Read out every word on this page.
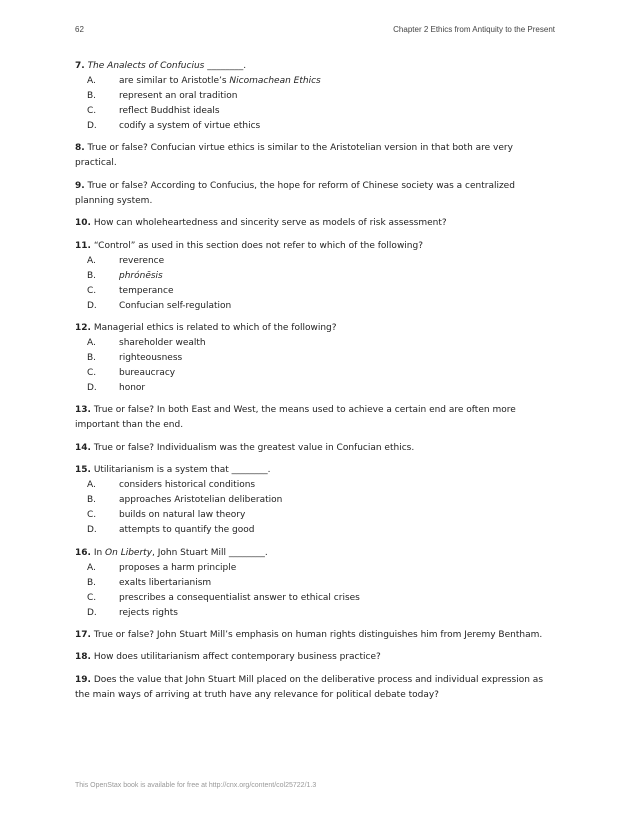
62	Chapter 2 Ethics from Antiquity to the Present
7. The Analects of Confucius ________.
A.	are similar to Aristotle’s Nicomachean Ethics
B.	represent an oral tradition
C.	reflect Buddhist ideals
D. codify a system of virtue ethics
8. True or false? Confucian virtue ethics is similar to the Aristotelian version in that both are very practical.
9. True or false? According to Confucius, the hope for reform of Chinese society was a centralized planning system.
10. How can wholeheartedness and sincerity serve as models of risk assessment?
11. “Control” as used in this section does not refer to which of the following?
A.	reverence
B.	phrónēsis
C.	temperance
D. Confucian self-regulation
12. Managerial ethics is related to which of the following?
A.	shareholder wealth
B.	righteousness
C.	bureaucracy
D. honor
13. True or false? In both East and West, the means used to achieve a certain end are often more important than the end.
14. True or false? Individualism was the greatest value in Confucian ethics.
15. Utilitarianism is a system that ________.
A.	considers historical conditions
B.	approaches Aristotelian deliberation
C.	builds on natural law theory
D. attempts to quantify the good
16. In On Liberty, John Stuart Mill ________.
A.	proposes a harm principle
B.	exalts libertarianism
C.	prescribes a consequentialist answer to ethical crises
D. rejects rights
17. True or false? John Stuart Mill’s emphasis on human rights distinguishes him from Jeremy Bentham.
18. How does utilitarianism affect contemporary business practice?
19. Does the value that John Stuart Mill placed on the deliberative process and individual expression as the main ways of arriving at truth have any relevance for political debate today?
This OpenStax book is available for free at http://cnx.org/content/col25722/1.3
